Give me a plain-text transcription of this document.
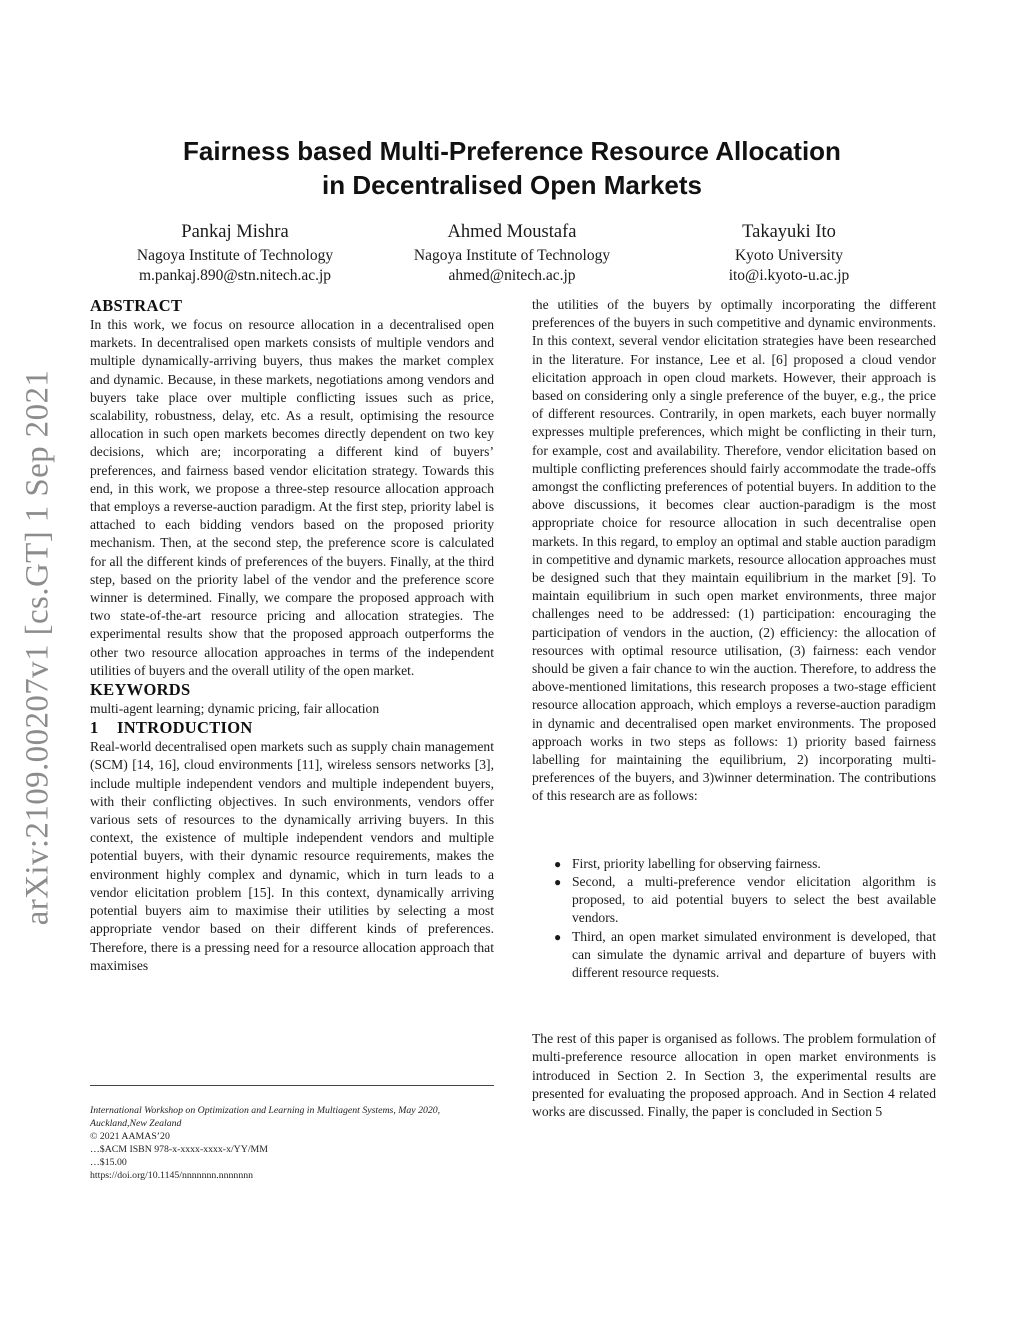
arXiv:2109.00207v1 [cs.GT] 1 Sep 2021
Fairness based Multi-Preference Resource Allocation
in Decentralised Open Markets
Pankaj Mishra
Nagoya Institute of Technology
m.pankaj.890@stn.nitech.ac.jp
Ahmed Moustafa
Nagoya Institute of Technology
ahmed@nitech.ac.jp
Takayuki Ito
Kyoto University
ito@i.kyoto-u.ac.jp
ABSTRACT

In this work, we focus on resource allocation in a decentralised open markets. In decentralised open markets consists of multiple vendors and multiple dynamically-arriving buyers, thus makes the market complex and dynamic. Because, in these markets, negotiations among vendors and buyers take place over multiple conflicting issues such as price, scalability, robustness, delay, etc. As a result, optimising the resource allocation in such open markets becomes directly dependent on two key decisions, which are; incorporating a different kind of buyers’ preferences, and fairness based vendor elicitation strategy. Towards this end, in this work, we propose a three-step resource allocation approach that employs a reverse-auction paradigm. At the first step, priority label is attached to each bidding vendors based on the proposed priority mechanism. Then, at the second step, the preference score is calculated for all the different kinds of preferences of the buyers. Finally, at the third step, based on the priority label of the vendor and the preference score winner is determined. Finally, we compare the proposed approach with two state-of-the-art resource pricing and allocation strategies. The experimental results show that the proposed approach outperforms the other two resource allocation approaches in terms of the independent utilities of buyers and the overall utility of the open market.

KEYWORDS

multi-agent learning; dynamic pricing, fair allocation

1 INTRODUCTION

Real-world decentralised open markets such as supply chain management (SCM) [14, 16], cloud environments [11], wireless sensors networks [3], include multiple independent vendors and multiple independent buyers, with their conflicting objectives. In such environments, vendors offer various sets of resources to the dynamically arriving buyers. In this context, the existence of multiple independent vendors and multiple potential buyers, with their dynamic resource requirements, makes the environment highly complex and dynamic, which in turn leads to a vendor elicitation problem [15]. In this context, dynamically arriving potential buyers aim to maximise their utilities by selecting a most appropriate vendor based on their different kinds of preferences. Therefore, there is a pressing need for a resource allocation approach that maximises

International Workshop on Optimization and Learning in Multiagent Systems, May 2020, Auckland,New Zealand
© 2021 AAMAS’20
…$ACM ISBN 978-x-xxxx-xxxx-x/YY/MM
…$15.00
https://doi.org/10.1145/nnnnnnn.nnnnnnn

the utilities of the buyers by optimally incorporating the different preferences of the buyers in such competitive and dynamic environments. In this context, several vendor elicitation strategies have been researched in the literature. For instance, Lee et al. [6] proposed a cloud vendor elicitation approach in open cloud markets. However, their approach is based on considering only a single preference of the buyer, e.g., the price of different resources. Contrarily, in open markets, each buyer normally expresses multiple preferences, which might be conflicting in their turn, for example, cost and availability. Therefore, vendor elicitation based on multiple conflicting preferences should fairly accommodate the trade-offs amongst the conflicting preferences of potential buyers. In addition to the above discussions, it becomes clear auction-paradigm is the most appropriate choice for resource allocation in such decentralise open markets. In this regard, to employ an optimal and stable auction paradigm in competitive and dynamic markets, resource allocation approaches must be designed such that they maintain equilibrium in the market [9]. To maintain equilibrium in such open market environments, three major challenges need to be addressed: (1) participation: encouraging the participation of vendors in the auction, (2) efficiency: the allocation of resources with optimal resource utilisation, (3) fairness: each vendor should be given a fair chance to win the auction. Therefore, to address the above-mentioned limitations, this research proposes a two-stage efficient resource allocation approach, which employs a reverse-auction paradigm in dynamic and decentralised open market environments. The proposed approach works in two steps as follows: 1) priority based fairness labelling for maintaining the equilibrium, 2) incorporating multi-preferences of the buyers, and 3)winner determination. The contributions of this research are as follows:

● First, priority labelling for observing fairness.
● Second, a multi-preference vendor elicitation algorithm is proposed, to aid potential buyers to select the best available vendors.
● Third, an open market simulated environment is developed, that can simulate the dynamic arrival and departure of buyers with different resource requests.

The rest of this paper is organised as follows. The problem formulation of multi-preference resource allocation in open market environments is introduced in Section 2. In Section 3, the experimental results are presented for evaluating the proposed approach. And in Section 4 related works are discussed. Finally, the paper is concluded in Section 5
